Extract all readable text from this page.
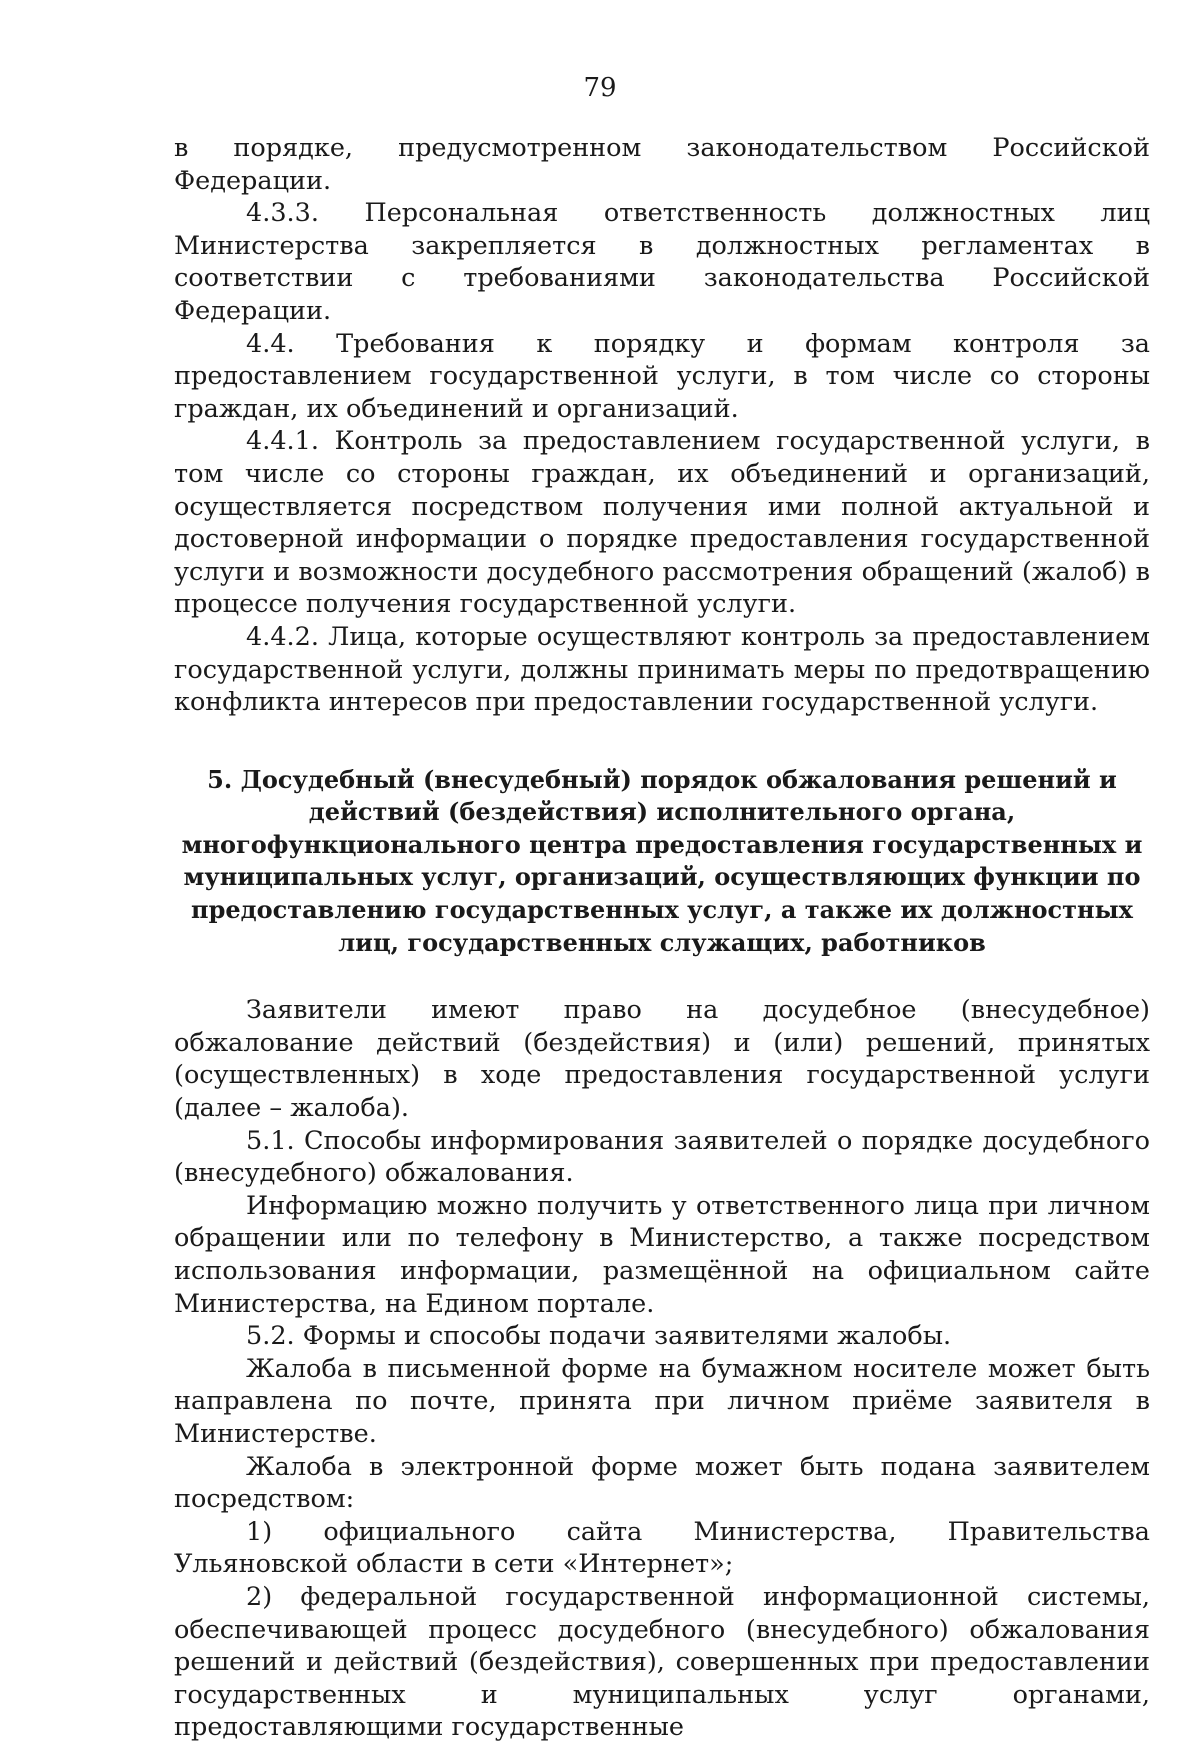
79

в порядке, предусмотренном законодательством Российской Федерации.

4.3.3. Персональная ответственность должностных лиц Министерства закрепляется в должностных регламентах в соответствии с требованиями законодательства Российской Федерации.

4.4. Требования к порядку и формам контроля за предоставлением государственной услуги, в том числе со стороны граждан, их объединений и организаций.

4.4.1. Контроль за предоставлением государственной услуги, в том числе со стороны граждан, их объединений и организаций, осуществляется посредством получения ими полной актуальной и достоверной информации о порядке предоставления государственной услуги и возможности досудебного рассмотрения обращений (жалоб) в процессе получения государственной услуги.

4.4.2. Лица, которые осуществляют контроль за предоставлением государственной услуги, должны принимать меры по предотвращению конфликта интересов при предоставлении государственной услуги.

5. Досудебный (внесудебный) порядок обжалования решений и действий (бездействия) исполнительного органа, многофункционального центра предоставления государственных и муниципальных услуг, организаций, осуществляющих функции по предоставлению государственных услуг, а также их должностных лиц, государственных служащих, работников

Заявители имеют право на досудебное (внесудебное) обжалование действий (бездействия) и (или) решений, принятых (осуществленных) в ходе предоставления государственной услуги (далее – жалоба).

5.1. Способы информирования заявителей о порядке досудебного (внесудебного) обжалования.

Информацию можно получить у ответственного лица при личном обращении или по телефону в Министерство, а также посредством использования информации, размещённой на официальном сайте Министерства, на Едином портале.

5.2. Формы и способы подачи заявителями жалобы.

Жалоба в письменной форме на бумажном носителе может быть направлена по почте, принята при личном приёме заявителя в Министерстве.

Жалоба в электронной форме может быть подана заявителем посредством:

1) официального сайта Министерства, Правительства Ульяновской области в сети «Интернет»;

2) федеральной государственной информационной системы, обеспечивающей процесс досудебного (внесудебного) обжалования решений и действий (бездействия), совершенных при предоставлении государственных и муниципальных услуг органами, предоставляющими государственные
